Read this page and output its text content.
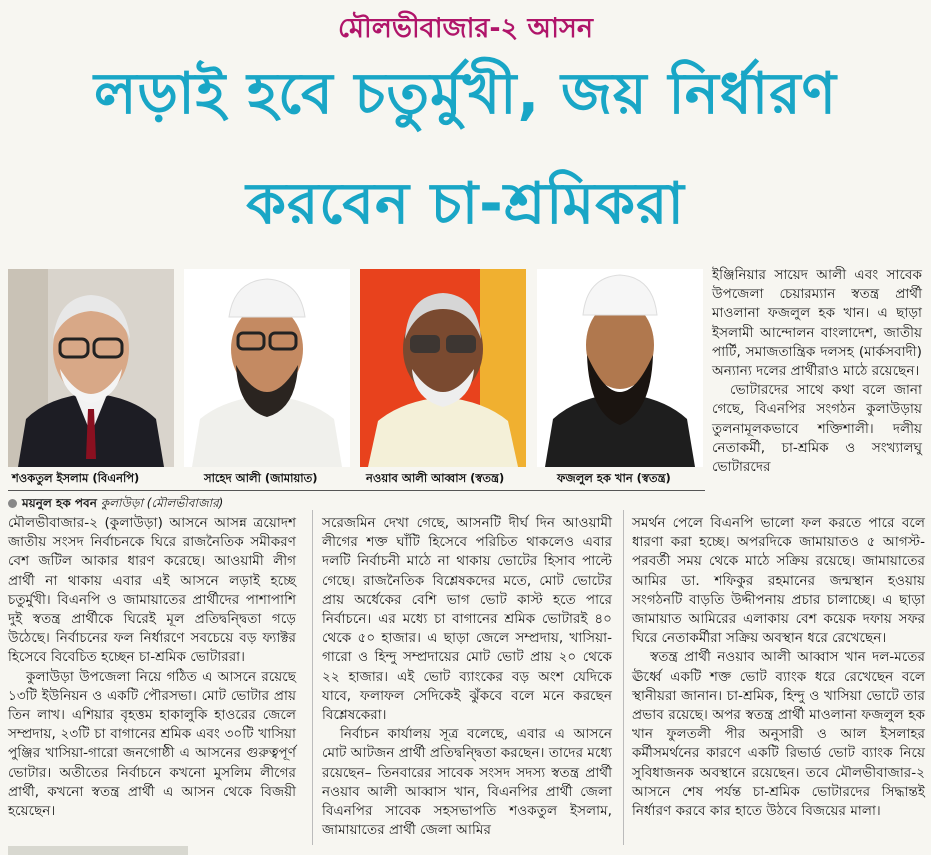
মৌলভীবাজার-২ আসন
লড়াই হবে চতুর্মুখী, জয় নির্ধারণ
করবেন চা-শ্রমিকরা
শওকতুল ইসলাম (বিএনপি)	সাহেদ আলী (জামায়াত)	নওয়াব আলী আব্বাস (স্বতন্ত্র)	ফজলুল হক খান (স্বতন্ত্র)
ময়নুল হক পবন কুলাউড়া (মৌলভীবাজার)

ইঞ্জিনিয়ার সায়েদ আলী এবং সাবেক উপজেলা চেয়ারম্যান স্বতন্ত্র প্রার্থী মাওলানা ফজলুল হক খান। এ ছাড়া ইসলামী আন্দোলন বাংলাদেশ, জাতীয় পার্টি, সমাজতান্ত্রিক দলসহ (মার্কসবাদী) অন্যান্য দলের প্রার্থীরাও মাঠে রয়েছেন।

ভোটারদের সাথে কথা বলে জানা গেছে, বিএনপির সংগঠন কুলাউড়ায় তুলনামূলকভাবে শক্তিশালী। দলীয় নেতাকর্মী, চা-শ্রমিক ও সংখ্যালঘু ভোটারদের

মৌলভীবাজার-২ (কুলাউড়া) আসনে আসন্ন ত্রয়োদশ জাতীয় সংসদ নির্বাচনকে ঘিরে রাজনৈতিক সমীকরণ বেশ জটিল আকার ধারণ করেছে। আওয়ামী লীগ প্রার্থী না থাকায় এবার এই আসনে লড়াই হচ্ছে চতুর্মুখী। বিএনপি ও জামায়াতের প্রার্থীদের পাশাপাশি দুই স্বতন্ত্র প্রার্থীকে ঘিরেই মূল প্রতিদ্বন্দ্বিতা গড়ে উঠেছে। নির্বাচনের ফল নির্ধারণে সবচেয়ে বড় ফ্যাক্টর হিসেবে বিবেচিত হচ্ছেন চা-শ্রমিক ভোটাররা।

কুলাউড়া উপজেলা নিয়ে গঠিত এ আসনে রয়েছে ১৩টি ইউনিয়ন ও একটি পৌরসভা। মোট ভোটার প্রায় তিন লাখ। এশিয়ার বৃহত্তম হাকালুকি হাওরের জেলে সম্প্রদায়, ২৩টি চা বাগানের শ্রমিক এবং ৩০টি খাসিয়া পুঞ্জির খাসিয়া-গারো জনগোষ্ঠী এ আসনের গুরুত্বপূর্ণ ভোটার। অতীতের নির্বাচনে কখনো মুসলিম লীগের প্রার্থী, কখনো স্বতন্ত্র প্রার্থী এ আসন থেকে বিজয়ী হয়েছেন।

সরেজমিন দেখা গেছে, আসনটি দীর্ঘ দিন আওয়ামী লীগের শক্ত ঘাঁটি হিসেবে পরিচিত থাকলেও এবার দলটি নির্বাচনী মাঠে না থাকায় ভোটের হিসাব পাল্টে গেছে। রাজনৈতিক বিশ্লেষকদের মতে, মোট ভোটের প্রায় অর্ধেকের বেশি ভাগ ভোট কাস্ট হতে পারে নির্বাচনে। এর মধ্যে চা বাগানের শ্রমিক ভোটারই ৪০ থেকে ৫০ হাজার। এ ছাড়া জেলে সম্প্রদায়, খাসিয়া-গারো ও হিন্দু সম্প্রদায়ের মোট ভোট প্রায় ২০ থেকে ২২ হাজার। এই ভোট ব্যাংকের বড় অংশ যেদিকে যাবে, ফলাফল সেদিকেই ঝুঁকবে বলে মনে করছেন বিশ্লেষকেরা।

নির্বাচন কার্যালয় সূত্র বলেছে, এবার এ আসনে মোট আটজন প্রার্থী প্রতিদ্বন্দ্বিতা করছেন। তাদের মধ্যে রয়েছেন– তিনবারের সাবেক সংসদ সদস্য স্বতন্ত্র প্রার্থী নওয়াব আলী আব্বাস খান, বিএনপির প্রার্থী জেলা বিএনপির সাবেক সহসভাপতি শওকতুল ইসলাম, জামায়াতের প্রার্থী জেলা আমির

সমর্থন পেলে বিএনপি ভালো ফল করতে পারে বলে ধারণা করা হচ্ছে। অপরদিকে জামায়াতও ৫ আগস্ট-পরবর্তী সময় থেকে মাঠে সক্রিয় রয়েছে। জামায়াতের আমির ডা. শফিকুর রহমানের জন্মস্থান হওয়ায় সংগঠনটি বাড়তি উদ্দীপনায় প্রচার চালাচ্ছে। এ ছাড়া জামায়াত আমিরের এলাকায় বেশ কয়েক দফায় সফর ঘিরে নেতাকর্মীরা সক্রিয় অবস্থান ধরে রেখেছেন।

স্বতন্ত্র প্রার্থী নওয়াব আলী আব্বাস খান দল-মতের ঊর্ধ্বে একটি শক্ত ভোট ব্যাংক ধরে রেখেছেন বলে স্থানীয়রা জানান। চা-শ্রমিক, হিন্দু ও খাসিয়া ভোটে তার প্রভাব রয়েছে। অপর স্বতন্ত্র প্রার্থী মাওলানা ফজলুল হক খান ফুলতলী পীর অনুসারী ও আল ইসলাহর কর্মীসমর্থনের কারণে একটি রিভার্ড ভোট ব্যাংক নিয়ে সুবিধাজনক অবস্থানে রয়েছেন। তবে মৌলভীবাজার-২ আসনে শেষ পর্যন্ত চা-শ্রমিক ভোটারদের সিদ্ধান্তই নির্ধারণ করবে কার হাতে উঠবে বিজয়ের মালা।
